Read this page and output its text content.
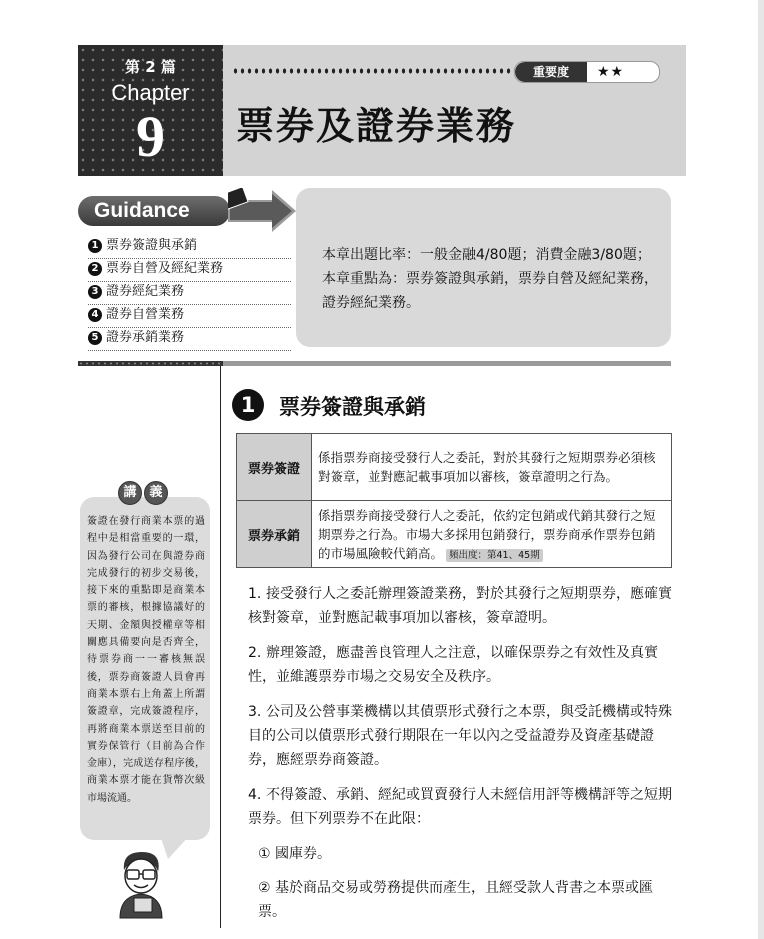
第 2 篇
Chapter
9
重要度	★★
票券及證券業務
Guidance
1 票券簽證與承銷
2 票券自營及經紀業務
3 證券經紀業務
4 證券自營業務
5 證券承銷業務
本章出題比率：一般金融4/80題；消費金融3/80題；本章重點為：票券簽證與承銷，票券自營及經紀業務，證券經紀業務。
講 義
簽證在發行商業本票的過程中是相當重要的一環，因為發行公司在與證券商完成發行的初步交易後，接下來的重點即是商業本票的審核，根據協議好的天期、金額與授權章等相關應具備要向是否齊全，待票券商一一審核無誤後，票券商簽證人員會再商業本票右上角蓋上所謂簽證章，完成簽證程序，再將商業本票送至目前的實券保管行（目前為合作金庫），完成送存程序後，商業本票才能在貨幣次級市場流通。
1	票券簽證與承銷
票券簽證	係指票券商接受發行人之委託，對於其發行之短期票券必須核對簽章，並對應記載事項加以審核，簽章證明之行為。
票券承銷	係指票券商接受發行人之委託，依約定包銷或代銷其發行之短期票券之行為。市場大多採用包銷發行，票券商承作票券包銷的市場風險較代銷高。 頻出度：第41、45期
1. 接受發行人之委託辦理簽證業務，對於其發行之短期票券，應確實核對簽章，並對應記載事項加以審核，簽章證明。
2. 辦理簽證，應盡善良管理人之注意，以確保票券之有效性及真實性，並維護票券市場之交易安全及秩序。
3. 公司及公營事業機構以其債票形式發行之本票，與受託機構或特殊目的公司以債票形式發行期限在一年以內之受益證券及資產基礎證券，應經票券商簽證。
4. 不得簽證、承銷、經紀或買賣發行人未經信用評等機構評等之短期票券。但下列票券不在此限：
① 國庫券。
② 基於商品交易或勞務提供而產生，且經受款人背書之本票或匯票。
